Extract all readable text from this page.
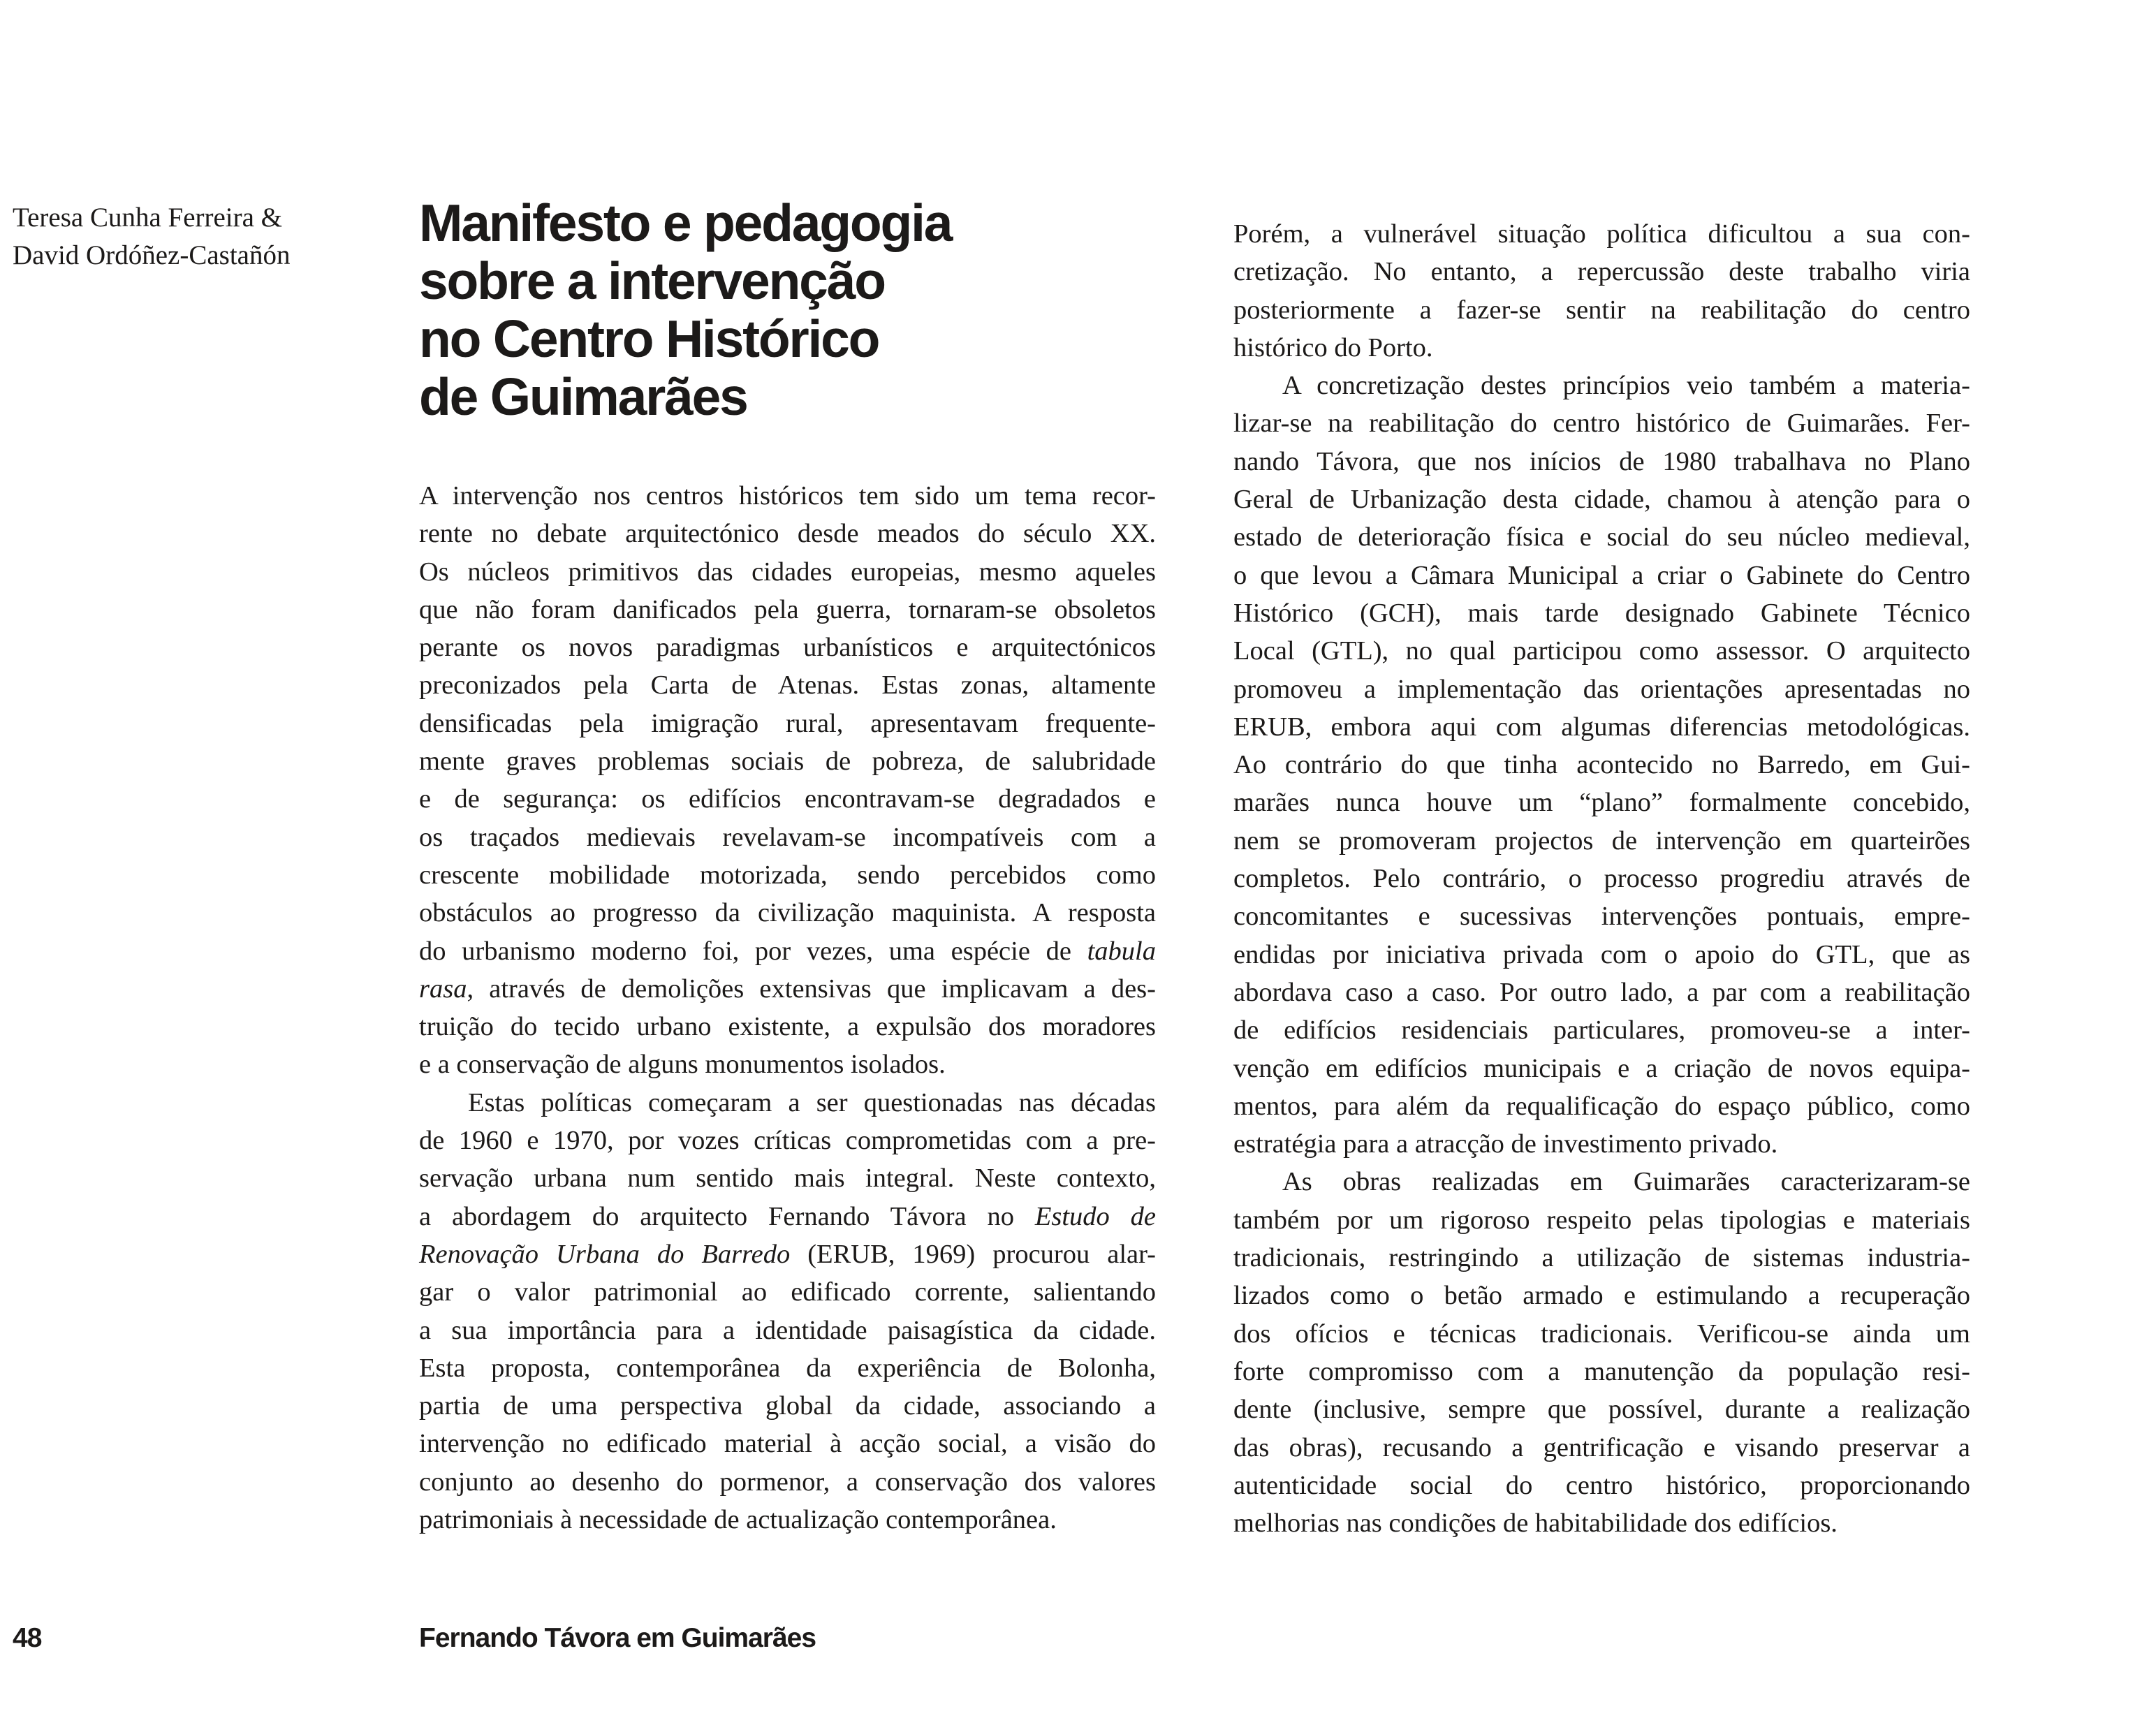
Teresa Cunha Ferreira &
David Ordóñez-Castañón
Manifesto e pedagogia
sobre a intervenção
no Centro Histórico
de Guimarães
A intervenção nos centros históricos tem sido um tema recor-
rente no debate arquitectónico desde meados do século XX.
Os núcleos primitivos das cidades europeias, mesmo aqueles
que não foram danificados pela guerra, tornaram-se obsoletos
perante os novos paradigmas urbanísticos e arquitectónicos
preconizados pela Carta de Atenas. Estas zonas, altamente
densificadas pela imigração rural, apresentavam frequente-
mente graves problemas sociais de pobreza, de salubridade
e de segurança: os edifícios encontravam-se degradados e
os traçados medievais revelavam-se incompatíveis com a
crescente mobilidade motorizada, sendo percebidos como
obstáculos ao progresso da civilização maquinista. A resposta
do urbanismo moderno foi, por vezes, uma espécie de tabula
rasa, através de demolições extensivas que implicavam a des-
truição do tecido urbano existente, a expulsão dos moradores
e a conservação de alguns monumentos isolados.
Estas políticas começaram a ser questionadas nas décadas
de 1960 e 1970, por vozes críticas comprometidas com a pre-
servação urbana num sentido mais integral. Neste contexto,
a abordagem do arquitecto Fernando Távora no Estudo de
Renovação Urbana do Barredo (ERUB, 1969) procurou alar-
gar o valor patrimonial ao edificado corrente, salientando
a sua importância para a identidade paisagística da cidade.
Esta proposta, contemporânea da experiência de Bolonha,
partia de uma perspectiva global da cidade, associando a
intervenção no edificado material à acção social, a visão do
conjunto ao desenho do pormenor, a conservação dos valores
patrimoniais à necessidade de actualização contemporânea.
Porém, a vulnerável situação política dificultou a sua con-
cretização. No entanto, a repercussão deste trabalho viria
posteriormente a fazer-se sentir na reabilitação do centro
histórico do Porto.
A concretização destes princípios veio também a materia-
lizar-se na reabilitação do centro histórico de Guimarães. Fer-
nando Távora, que nos inícios de 1980 trabalhava no Plano
Geral de Urbanização desta cidade, chamou à atenção para o
estado de deterioração física e social do seu núcleo medieval,
o que levou a Câmara Municipal a criar o Gabinete do Centro
Histórico (GCH), mais tarde designado Gabinete Técnico
Local (GTL), no qual participou como assessor. O arquitecto
promoveu a implementação das orientações apresentadas no
ERUB, embora aqui com algumas diferencias metodológicas.
Ao contrário do que tinha acontecido no Barredo, em Gui-
marães nunca houve um “plano” formalmente concebido,
nem se promoveram projectos de intervenção em quarteirões
completos. Pelo contrário, o processo progrediu através de
concomitantes e sucessivas intervenções pontuais, empre-
endidas por iniciativa privada com o apoio do GTL, que as
abordava caso a caso. Por outro lado, a par com a reabilitação
de edifícios residenciais particulares, promoveu-se a inter-
venção em edifícios municipais e a criação de novos equipa-
mentos, para além da requalificação do espaço público, como
estratégia para a atracção de investimento privado.
As obras realizadas em Guimarães caracterizaram-se
também por um rigoroso respeito pelas tipologias e materiais
tradicionais, restringindo a utilização de sistemas industria-
lizados como o betão armado e estimulando a recuperação
dos ofícios e técnicas tradicionais. Verificou-se ainda um
forte compromisso com a manutenção da população resi-
dente (inclusive, sempre que possível, durante a realização
das obras), recusando a gentrificação e visando preservar a
autenticidade social do centro histórico, proporcionando
melhorias nas condições de habitabilidade dos edifícios.
48	Fernando Távora em Guimarães
